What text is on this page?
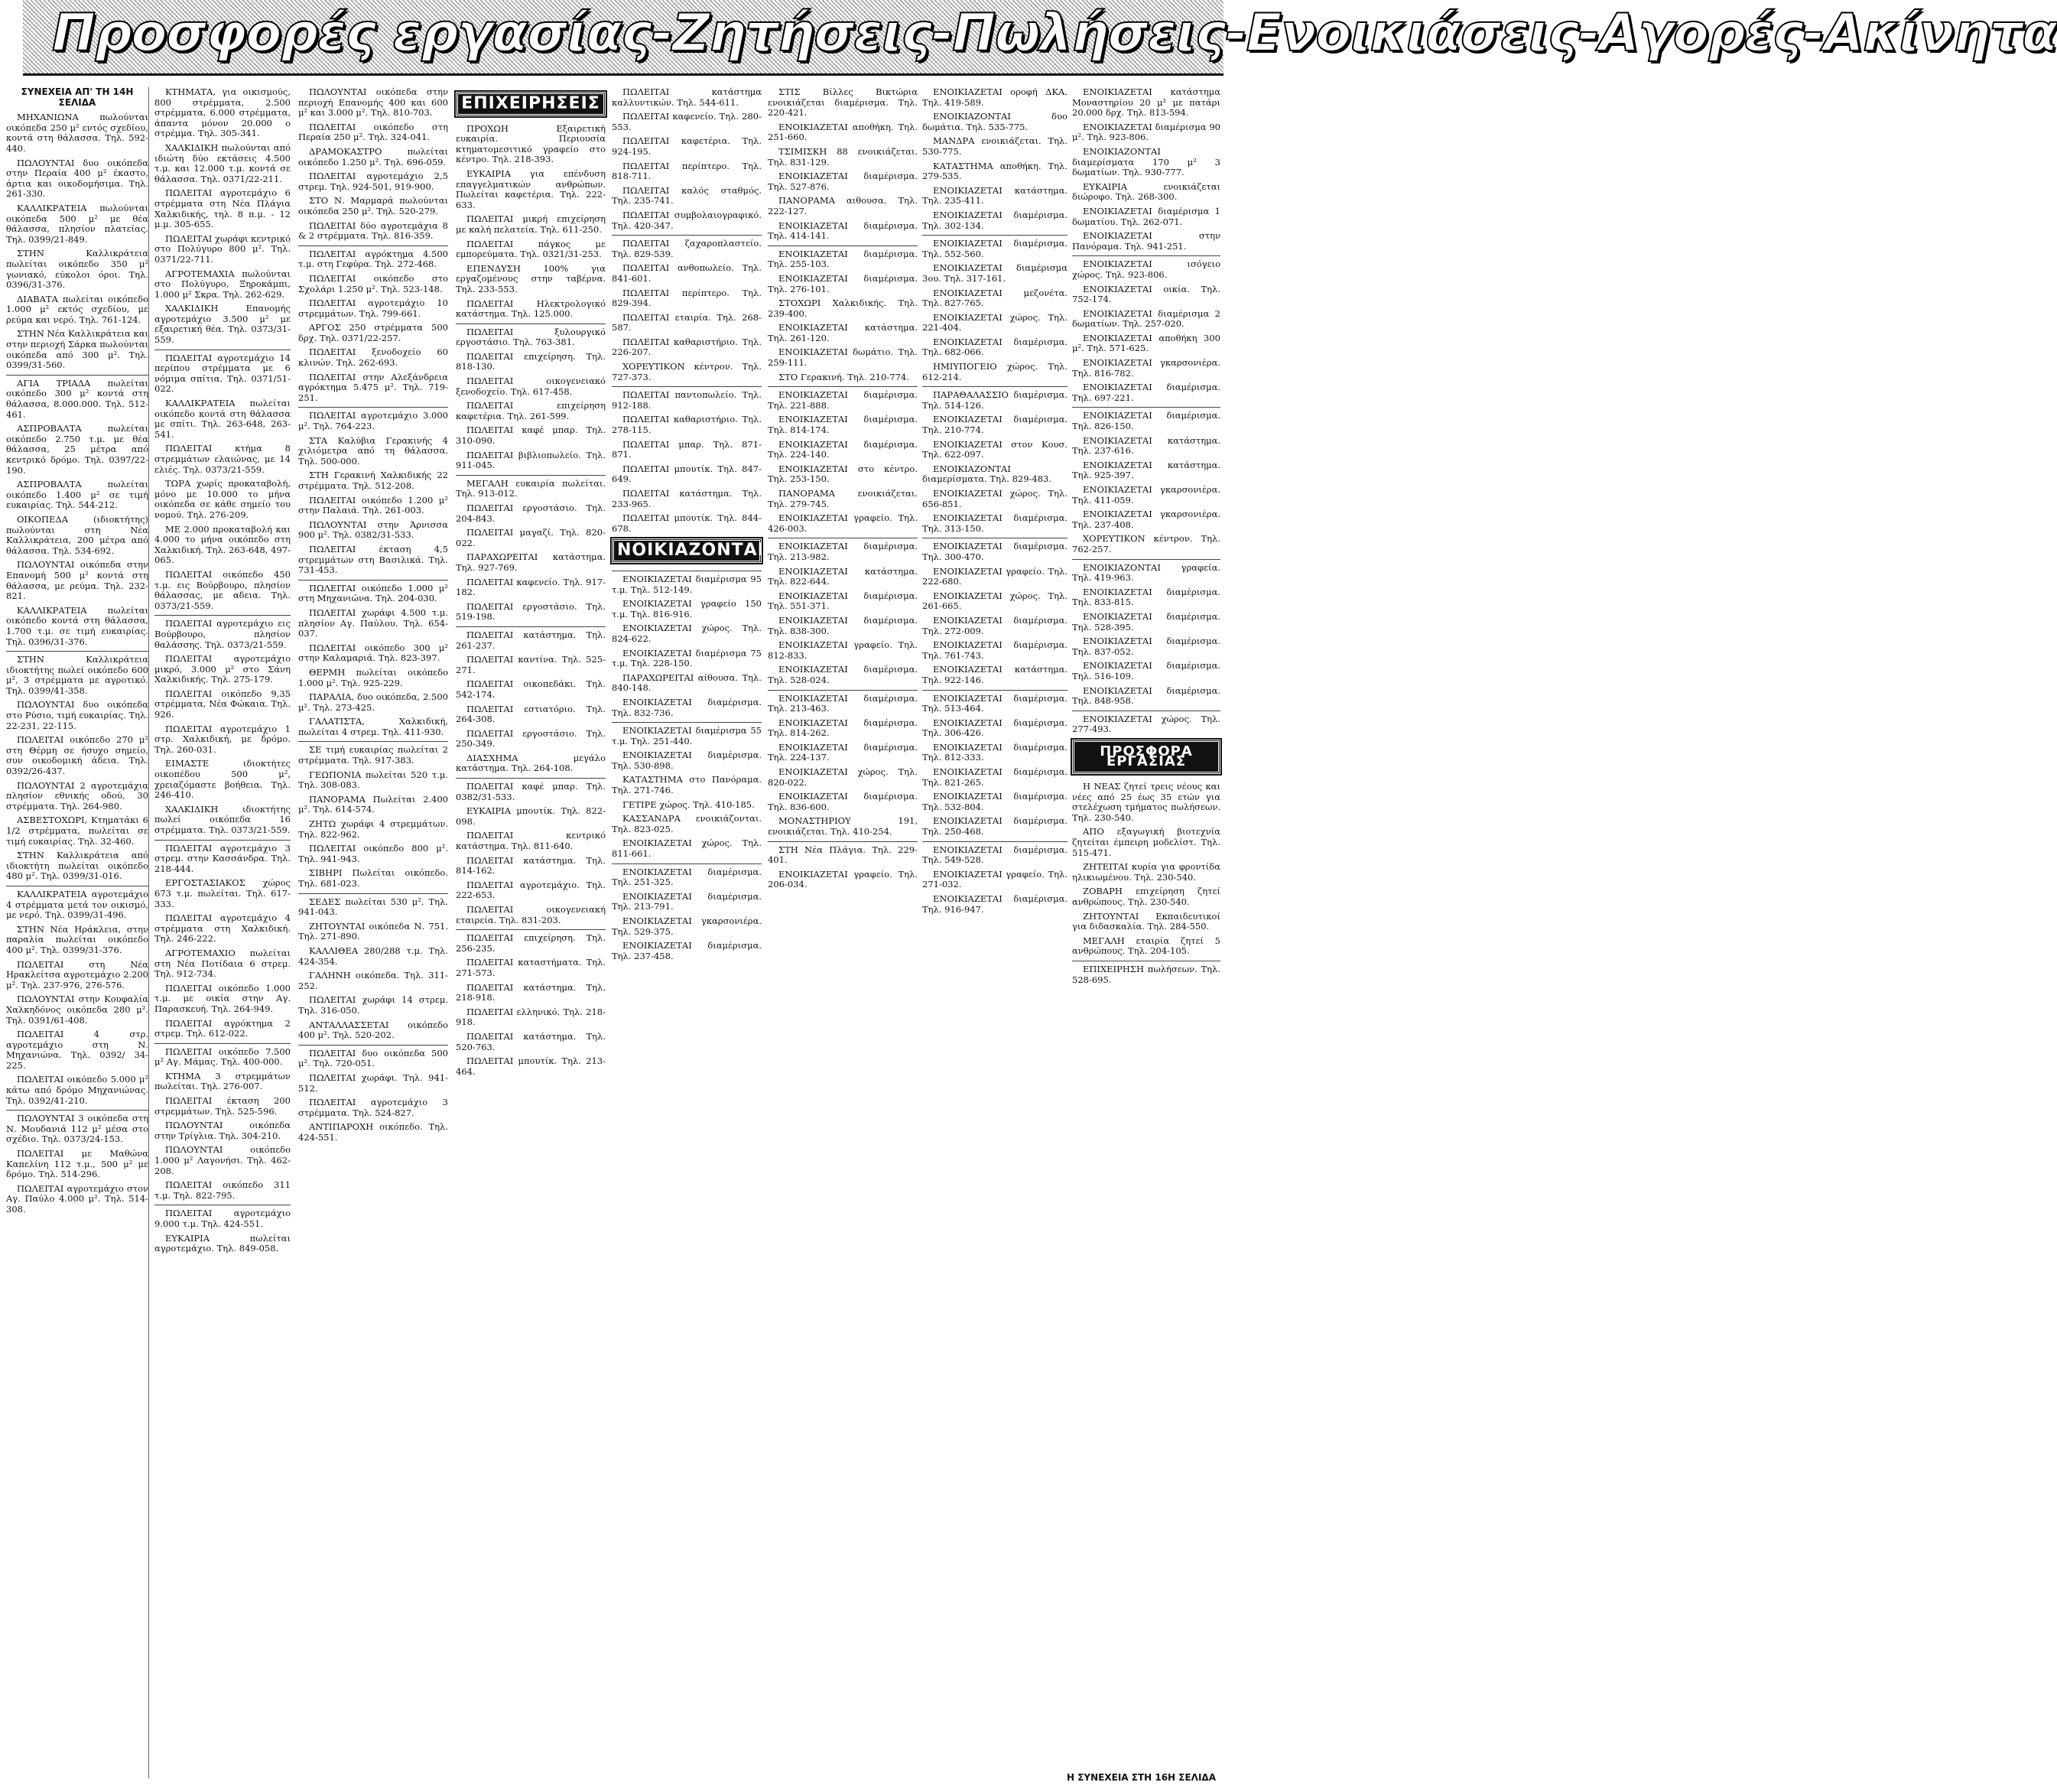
Προσφορές εργασίας-Ζητήσεις-Πωλήσεις-Ενοικιάσεις-Αγορές-Ακίνητα
ΣΥΝΕΧΕΙΑ ΑΠ' ΤΗ 14Η ΣΕΛΙΔΑ

ΜΗΧΑΝΙΩΝΑ πωλούνται οικόπεδα 250 μ² εντός σχεδίου, κοντά στη θάλασσα. Τηλ. 592-440.

ΠΩΛΟΥΝΤΑΙ δυο οικόπεδα στην Περαία 400 μ² έκαστο, άρτια και οικοδομήσιμα. Τηλ. 261-330.

ΚΑΛΛΙΚΡΑΤΕΙΑ πωλούνται οικόπεδα 500 μ² με θέα θάλασσα, πλησίον πλατείας. Τηλ. 0399/21-849.

ΣΤΗΝ Καλλικράτεια πωλείται οικόπεδο 350 μ² γωνιακό, εύκολοι όροι. Τηλ. 0396/31-376.

ΔΙΑΒΑΤΑ πωλείται οικόπεδο 1.000 μ² εκτός σχεδίου, με ρεύμα και νερό. Τηλ. 761-124.

ΣΤΗΝ Νέα Καλλικράτεια και στην περιοχή Σάρκα πωλούνται οικόπεδα από 300 μ². Τηλ. 0399/31-560.

ΑΓΙΑ ΤΡΙΑΔΑ πωλείται οικόπεδο 300 μ² κοντά στη θάλασσα, 8.000.000. Τηλ. 512-461.

ΑΣΠΡΟΒΑΛΤΑ πωλείται οικόπεδο 2.750 τ.μ. με θέα θάλασσα, 25 μέτρα από κεντρικό δρόμο. Τηλ. 0397/22-190.

ΑΣΠΡΟΒΑΛΤΑ πωλείται οικόπεδο 1.400 μ² σε τιμή ευκαιρίας. Τηλ. 544-212.

ΟΙΚΟΠΕΔΑ (ιδιοκτήτης) πωλούνται στη Νέα Καλλικράτεια, 200 μέτρα από θάλασσα. Τηλ. 534-692.

ΠΩΛΟΥΝΤΑΙ οικόπεδα στην Επανομή 500 μ² κοντά στη θάλασσα, με ρεύμα. Τηλ. 232-821.

ΚΑΛΛΙΚΡΑΤΕΙΑ πωλείται οικόπεδο κοντά στη θάλασσα, 1.700 τ.μ. σε τιμή ευκαιρίας. Τηλ. 0396/31-376.

ΣΤΗΝ Καλλικράτεια ιδιοκτήτης πωλεί οικόπεδο 600 μ², 3 στρέμματα με αγροτικό. Τηλ. 0399/41-358.

ΠΩΛΟΥΝΤΑΙ δυο οικόπεδα στο Ρύσιο, τιμή ευκαιρίας. Τηλ. 22-231, 22-115.

ΠΩΛΕΙΤΑΙ οικόπεδο 270 μ² στη Θέρμη σε ήσυχο σημείο, συν οικοδομική άδεια. Τηλ. 0392/26-437.

ΠΩΛΟΥΝΤΑΙ 2 αγροτεμάχια πλησίον εθνικής οδού, 30 στρέμματα. Τηλ. 264-980.

ΑΣΒΕΣΤΟΧΩΡΙ, Κτηματάκι 6 1/2 στρέμματα, πωλείται σε τιμή ευκαιρίας. Τηλ. 32-460.

ΣΤΗΝ Καλλικράτεια από ιδιοκτήτη πωλείται οικόπεδο 480 μ². Τηλ. 0399/31-016.

ΚΑΛΛΙΚΡΑΤΕΙΑ αγροτεμάχιο 4 στρέμματα μετά τον οικισμό, με νερό. Τηλ. 0399/31-496.

ΣΤΗΝ Νέα Ηράκλεια, στην παραλία πωλείται οικόπεδο 400 μ². Τηλ. 0399/31-376.

ΠΩΛΕΙΤΑΙ στη Νέα Ηρακλείτσα αγροτεμάχιο 2.200 μ². Τηλ. 237-976, 276-576.

ΠΩΛΟΥΝΤΑΙ στην Κουφαλία Χαλκηδόνος οικόπεδα 280 μ². Τηλ. 0391/61-408.

ΠΩΛΕΙΤΑΙ 4 στρ. αγροτεμάχιο στη Ν. Μηχανιώνα. Τηλ. 0392/ 34-225.

ΠΩΛΕΙΤΑΙ οικόπεδο 5.000 μ² κάτω από δρόμο Μηχανιώνας. Τηλ. 0392/41-210.

ΠΩΛΟΥΝΤΑΙ 3 οικόπεδα στη Ν. Μουδανιά 112 μ² μέσα στο σχέδιο. Τηλ. 0373/24-153.

ΠΩΛΕΙΤΑΙ με Μαθώνα Καπελίνη 112 τ.μ., 500 μ² με δρόμο. Τηλ. 514-296.

ΠΩΛΕΙΤΑΙ αγροτεμάχιο στον Αγ. Παύλο 4.000 μ². Τηλ. 514-308.

ΚΤΗΜΑΤΑ, για οικισμούς, 800 στρέμματα, 2.500 στρέμματα, 6.000 στρέμματα, άπαντα μόνον 20.000 ο στρέμμα. Τηλ. 305-341.

ΧΑΛΚΙΔΙΚΗ πωλούνται από ιδιώτη δύο εκτάσεις 4.500 τ.μ. και 12.000 τ.μ. κοντά σε θάλασσα. Τηλ. 0371/22-211.

ΠΩΛΕΙΤΑΙ αγροτεμάχιο 6 στρέμματα στη Νέα Πλάγια Χαλκιδικής, τηλ. 8 π.μ. - 12 μ.μ. 305-655.

ΠΩΛΕΙΤΑΙ χωράφι κεντρικό στο Πολύγυρο 800 μ². Τηλ. 0371/22-711.

ΑΓΡΟΤΕΜΑΧΙΑ πωλούνται στο Πολύγυρο, Ξηροκάμπι, 1.000 μ² Σκρα. Τηλ. 262-629.

ΧΑΛΚΙΔΙΚΗ Επανομής αγροτεμάχιο 3.500 μ² με εξαιρετική θέα. Τηλ. 0373/31-559.

ΠΩΛΕΙΤΑΙ αγροτεμάχιο 14 περίπου στρέμματα με 6 νόμιμα σπίτια. Τηλ. 0371/51-022.

ΚΑΛΛΙΚΡΑΤΕΙΑ πωλείται οικόπεδο κοντά στη θάλασσα με σπίτι. Τηλ. 263-648, 263-541.

ΠΩΛΕΙΤΑΙ κτήμα 8 στρεμμάτων ελαιώνας, με 14 ελιές. Τηλ. 0373/21-559.

ΤΩΡΑ χωρίς προκαταβολή, μόνο με 10.000 το μήνα οικόπεδα σε κάθε σημείο του νομού. Τηλ. 276-209.

ΜΕ 2.000 προκαταβολή και 4.000 το μήνα οικόπεδο στη Χαλκιδική. Τηλ. 263-648, 497-065.

ΠΩΛΕΙΤΑΙ οικόπεδο 450 τ.μ. εις Βούρβουρο, πλησίον θάλασσας, με αδεια. Τηλ. 0373/21-559.

ΠΩΛΕΙΤΑΙ αγροτεμάχιο εις Βούρβουρο, πλησίον θαλάσσης. Τηλ. 0373/21-559.

ΠΩΛΕΙΤΑΙ αγροτεμάχιο μικρό, 3.000 μ² στο Σάνη Χαλκιδικής. Τηλ. 275-179.

ΠΩΛΕΙΤΑΙ οικόπεδο 9,35 στρέμματα, Νέα Φώκαια. Τηλ. 926.

ΠΩΛΕΙΤΑΙ αγροτεμάχιο 1 στρ. Χαλκιδική, με δρόμο. Τηλ. 260-031.

ΕΙΜΑΣΤΕ ιδιοκτήτες οικοπέδου 500 μ², χρειαζόμαστε βοήθεια. Τηλ. 246-410.

ΧΑΛΚΙΔΙΚΗ ιδιοκτήτης πωλεί οικόπεδα 16 στρέμματα. Τηλ. 0373/21-559.

ΠΩΛΕΙΤΑΙ αγροτεμάχιο 3 στρεμ. στην Κασσάνδρα. Τηλ. 218-444.

ΕΡΓΟΣΤΑΣΙΑΚΟΣ χώρος 673 τ.μ. πωλείται. Τηλ. 617-333.

ΠΩΛΕΙΤΑΙ αγροτεμάχιο 4 στρέμματα στη Χαλκιδική. Τηλ. 246-222.

ΑΓΡΟΤΕΜΑΧΙΟ πωλείται στη Νέα Ποτίδαια 6 στρεμ. Τηλ. 912-734.

ΠΩΛΕΙΤΑΙ οικόπεδο 1.000 τ.μ. με οικία στην Αγ. Παρασκευή. Τηλ. 264-949.

ΠΩΛΕΙΤΑΙ αγρόκτημα 2 στρεμ. Τηλ. 612-022.

ΠΩΛΕΙΤΑΙ οικόπεδο 7.500 μ² Αγ. Μάμας. Τηλ. 400-000.

ΚΤΗΜΑ 3 στρεμμάτων πωλείται. Τηλ. 276-007.

ΠΩΛΕΙΤΑΙ έκταση 200 στρεμμάτων. Τηλ. 525-596.

ΠΩΛΟΥΝΤΑΙ οικόπεδα στην Τρίγλια. Τηλ. 304-210.

ΠΩΛΟΥΝΤΑΙ οικόπεδο 1.000 μ² Λαγονήσι. Τηλ. 462-208.

ΠΩΛΕΙΤΑΙ οικόπεδο 311 τ.μ. Τηλ. 822-795.

ΠΩΛΕΙΤΑΙ αγροτεμάχιο 9.000 τ.μ. Τηλ. 424-551.

ΕΥΚΑΙΡΙΑ πωλείται αγροτεμάχιο. Τηλ. 849-058.

ΠΩΛΟΥΝΤΑΙ οικόπεδα στην περιοχή Επανομής 400 και 600 μ² και 3.000 μ². Τηλ. 810-703.

ΠΩΛΕΙΤΑΙ οικόπεδο στη Περαία 250 μ². Τηλ. 324-041.

ΔΡΑΜΟΚΑΣΤΡΟ πωλείται οικόπεδο 1.250 μ². Τηλ. 696-059.

ΠΩΛΕΙΤΑΙ αγροτεμάχιο 2,5 στρεμ. Τηλ. 924-501, 919-900.

ΣΤΟ Ν. Μαρμαρά πωλούνται οικόπεδα 250 μ². Τηλ. 520-279.

ΠΩΛΕΙΤΑΙ δύο αγροτεμάχια 8 & 2 στρέμματα. Τηλ. 816-359.

ΠΩΛΕΙΤΑΙ αγρόκτημα 4.500 τ.μ. στη Γεφύρα. Τηλ. 272-468.

ΠΩΛΕΙΤΑΙ οικόπεδο στο Σχολάρι 1.250 μ². Τηλ. 523-148.

ΠΩΛΕΙΤΑΙ αγροτεμάχιο 10 στρεμμάτων. Τηλ. 799-661.

ΑΡΓΟΣ 250 στρέμματα 500 δρχ. Τηλ. 0371/22-257.

ΠΩΛΕΙΤΑΙ ξενοδοχείο 60 κλινών. Τηλ. 262-693.

ΠΩΛΕΙΤΑΙ στην Αλεξάνδρεια αγρόκτημα 5.475 μ². Τηλ. 719-251.

ΠΩΛΕΙΤΑΙ αγροτεμάχιο 3.000 μ². Τηλ. 764-223.

ΣΤΑ Καλύβια Γερακινής 4 χιλιόμετρα από τη θάλασσα. Τηλ. 500-000.

ΣΤΗ Γερακινή Χαλκιδικής 22 στρέμματα. Τηλ. 512-208.

ΠΩΛΕΙΤΑΙ οικόπεδο 1.200 μ² στην Παλαιά. Τηλ. 261-003.

ΠΩΛΟΥΝΤΑΙ στην Άρνισσα 900 μ². Τηλ. 0382/31-533.

ΠΩΛΕΙΤΑΙ έκταση 4,5 στρεμμάτων στη Βασιλικά. Τηλ. 731-453.

ΠΩΛΕΙΤΑΙ οικόπεδο 1.000 μ² στη Μηχανιώνα. Τηλ. 204-030.

ΠΩΛΕΙΤΑΙ χωράφι 4.500 τ.μ. πλησίον Αγ. Παύλου. Τηλ. 654-037.

ΠΩΛΕΙΤΑΙ οικόπεδο 300 μ² στην Καλαμαριά. Τηλ. 823-397.

ΘΕΡΜΗ πωλείται οικόπεδο 1.000 μ². Τηλ. 925-229.

ΠΑΡΑΛΙΑ, δυο οικόπεδα, 2.500 μ². Τηλ. 273-425.

ΓΑΛΑΤΙΣΤΑ, Χαλκιδική, πωλείται 4 στρεμ. Τηλ. 411-930.

ΣΕ τιμή ευκαιρίας πωλείται 2 στρέμματα. Τηλ. 917-383.

ΓΕΩΠΟΝΙΑ πωλείται 520 τ.μ. Τηλ. 308-083.

ΠΑΝΟΡΑΜΑ Πωλείται 2.400 μ². Τηλ. 614-574.

ΖΗΤΩ χωράφι 4 στρεμμάτων. Τηλ. 822-962.

ΠΩΛΕΙΤΑΙ οικόπεδο 800 μ². Τηλ. 941-943.

ΣΙΒΗΡΙ Πωλείται οικόπεδο. Τηλ. 681-023.

ΣΕΔΕΣ πωλείται 530 μ². Τηλ. 941-043.

ΖΗΤΟΥΝΤΑΙ οικόπεδα Ν. 751. Τηλ. 271-890.

ΚΑΛΛΙΘΕΑ 280/288 τ.μ. Τηλ. 424-354.

ΓΑΛΗΝΗ οικόπεδα. Τηλ. 311-252.

ΠΩΛΕΙΤΑΙ χωράφι 14 στρεμ. Τηλ. 316-050.

ΑΝΤΑΛΛΑΣΣΕΤΑΙ οικόπεδο 400 μ². Τηλ. 520-202.

ΠΩΛΕΙΤΑΙ δυο οικόπεδα 500 μ². Τηλ. 720-051.

ΠΩΛΕΙΤΑΙ χωράφι. Τηλ. 941-512.

ΠΩΛΕΙΤΑΙ αγροτεμάχιο 3 στρέμματα. Τηλ. 524-827.

ΑΝΤΙΠΑΡΟΧΗ οικόπεδο. Τηλ. 424-551.

ΕΠΙΧΕΙΡΗΣΕΙΣ

ΠΡΟΧΩΗ Εξαιρετική ευκαιρία. Περιουσία κτηματομεσιτικό γραφείο στο κέντρο. Τηλ. 218-393.

ΕΥΚΑΙΡΙΑ για επένδυση επαγγελματικών ανθρώπων. Πωλείται καφετέρια. Τηλ. 222-633.

ΠΩΛΕΙΤΑΙ μικρή επιχείρηση με καλή πελατεία. Τηλ. 611-250.

ΠΩΛΕΙΤΑΙ πάγκος με εμπορεύματα. Τηλ. 0321/31-253.

ΕΠΕΝΔΥΣΗ 100% για εργαζομένους στην ταβέρνα. Τηλ. 233-553.

ΠΩΛΕΙΤΑΙ Ηλεκτρολογικό κατάστημα. Τηλ. 125.000.

ΠΩΛΕΙΤΑΙ ξυλουργικό εργοστάσιο. Τηλ. 763-381.

ΠΩΛΕΙΤΑΙ επιχείρηση. Τηλ. 818-130.

ΠΩΛΕΙΤΑΙ οικογενειακό ξενοδοχείο. Τηλ. 617-458.

ΠΩΛΕΙΤΑΙ επιχείρηση καφετέρια. Τηλ. 261-599.

ΠΩΛΕΙΤΑΙ καφέ μπαρ. Τηλ. 310-090.

ΠΩΛΕΙΤΑΙ βιβλιοπωλείο. Τηλ. 911-045.

ΜΕΓΑΛΗ ευκαιρία πωλείται. Τηλ. 913-012.

ΠΩΛΕΙΤΑΙ εργοστάσιο. Τηλ. 204-843.

ΠΩΛΕΙΤΑΙ μαγαζί. Τηλ. 820-022.

ΠΑΡΑΧΩΡΕΙΤΑΙ κατάστημα. Τηλ. 927-769.

ΠΩΛΕΙΤΑΙ καφενείο. Τηλ. 917-182.

ΠΩΛΕΙΤΑΙ εργοστάσιο. Τηλ. 519-198.

ΠΩΛΕΙΤΑΙ κατάστημα. Τηλ. 261-237.

ΠΩΛΕΙΤΑΙ καντίνα. Τηλ. 525-271.

ΠΩΛΕΙΤΑΙ οικοπεδάκι. Τηλ. 542-174.

ΠΩΛΕΙΤΑΙ εστιατόριο. Τηλ. 264-308.

ΠΩΛΕΙΤΑΙ εργοστάσιο. Τηλ. 250-349.

ΔΙΑΣΧΗΜΑ μεγάλο κατάστημα. Τηλ. 264-108.

ΠΩΛΕΙΤΑΙ καφέ μπαρ. Τηλ. 0382/31-533.

ΕΥΚΑΙΡΙΑ μπουτίκ. Τηλ. 822-098.

ΠΩΛΕΙΤΑΙ κεντρικό κατάστημα. Τηλ. 811-640.

ΠΩΛΕΙΤΑΙ κατάστημα. Τηλ. 814-162.

ΠΩΛΕΙΤΑΙ αγροτεμάχιο. Τηλ. 222-653.

ΠΩΛΕΙΤΑΙ οικογενειακή εταιρεία. Τηλ. 831-203.

ΠΩΛΕΙΤΑΙ επιχείρηση. Τηλ. 256-235.

ΠΩΛΕΙΤΑΙ καταστήματα. Τηλ. 271-573.

ΠΩΛΕΙΤΑΙ κατάστημα. Τηλ. 218-918.

ΠΩΛΕΙΤΑΙ ελληνικό. Τηλ. 218-918.

ΠΩΛΕΙΤΑΙ κατάστημα. Τηλ. 520-763.

ΠΩΛΕΙΤΑΙ μπουτίκ. Τηλ. 213-464.

ΠΩΛΕΙΤΑΙ κατάστημα καλλυντικών. Τηλ. 544-611.

ΠΩΛΕΙΤΑΙ καφενείο. Τηλ. 280-553.

ΠΩΛΕΙΤΑΙ καφετέρια. Τηλ. 924-195.

ΠΩΛΕΙΤΑΙ περίπτερο. Τηλ. 818-711.

ΠΩΛΕΙΤΑΙ καλός σταθμός. Τηλ. 235-741.

ΠΩΛΕΙΤΑΙ συμβολαιογραφικό. Τηλ. 420-347.

ΠΩΛΕΙΤΑΙ ζαχαροπλαστείο. Τηλ. 829-539.

ΠΩΛΕΙΤΑΙ ανθοπωλείο. Τηλ. 841-601.

ΠΩΛΕΙΤΑΙ περίπτερο. Τηλ. 829-394.

ΠΩΛΕΙΤΑΙ εταιρία. Τηλ. 268-587.

ΠΩΛΕΙΤΑΙ καθαριστήριο. Τηλ. 226-207.

ΧΟΡΕΥΤΙΚΟΝ κέντρον. Τηλ. 727-373.

ΠΩΛΕΙΤΑΙ παντοπωλείο. Τηλ. 912-188.

ΠΩΛΕΙΤΑΙ καθαριστήριο. Τηλ. 278-115.

ΠΩΛΕΙΤΑΙ μπαρ. Τηλ. 871-871.

ΠΩΛΕΙΤΑΙ μπουτίκ. Τηλ. 847-649.

ΠΩΛΕΙΤΑΙ κατάστημα. Τηλ. 233-965.

ΠΩΛΕΙΤΑΙ μπουτίκ. Τηλ. 844-678.

ΝΟΙΚΙΑΖΟΝΤΑΙ

ΕΝΟΙΚΙΑΖΕΤΑΙ διαμέρισμα 95 τ.μ. Τηλ. 512-149.

ΕΝΟΙΚΙΑΖΕΤΑΙ γραφείο 150 τ.μ. Τηλ. 816-916.

ΕΝΟΙΚΙΑΖΕΤΑΙ χώρος. Τηλ. 824-622.

ΕΝΟΙΚΙΑΖΕΤΑΙ διαμέρισμα 75 τ.μ. Τηλ. 228-150.

ΠΑΡΑΧΩΡΕΙΤΑΙ αίθουσα. Τηλ. 840-148.

ΕΝΟΙΚΙΑΖΕΤΑΙ διαμέρισμα. Τηλ. 832-736.

ΕΝΟΙΚΙΑΖΕΤΑΙ διαμέρισμα 55 τ.μ. Τηλ. 251-440.

ΕΝΟΙΚΙΑΖΕΤΑΙ διαμέρισμα. Τηλ. 530-898.

ΚΑΤΑΣΤΗΜΑ στο Πανόραμα. Τηλ. 271-746.

ΓΕΤΙΡΕ χώρος. Τηλ. 410-185.

ΚΑΣΣΑΝΔΡΑ ενοικιάζονται. Τηλ. 823-025.

ΕΝΟΙΚΙΑΖΕΤΑΙ χώρος. Τηλ. 811-661.

ΕΝΟΙΚΙΑΖΕΤΑΙ διαμέρισμα. Τηλ. 251-325.

ΕΝΟΙΚΙΑΖΕΤΑΙ διαμέρισμα. Τηλ. 213-791.

ΕΝΟΙΚΙΑΖΕΤΑΙ γκαρσονιέρα. Τηλ. 529-375.

ΕΝΟΙΚΙΑΖΕΤΑΙ διαμέρισμα. Τηλ. 237-458.

ΣΤΙΣ Βίλλες Βικτώρια ενοικιάζεται διαμέρισμα. Τηλ. 220-421.

ΕΝΟΙΚΙΑΖΕΤΑΙ αποθήκη. Τηλ. 251-660.

ΤΣΙΜΙΣΚΗ 88 ενοικιάζεται. Τηλ. 831-129.

ΕΝΟΙΚΙΑΖΕΤΑΙ διαμέρισμα. Τηλ. 527-876.

ΠΑΝΟΡΑΜΑ αιθουσα. Τηλ. 222-127.

ΕΝΟΙΚΙΑΖΕΤΑΙ διαμέρισμα. Τηλ. 414-141.

ΕΝΟΙΚΙΑΖΕΤΑΙ διαμέρισμα. Τηλ. 255-103.

ΕΝΟΙΚΙΑΖΕΤΑΙ διαμέρισμα. Τηλ. 276-101.

ΣΤΟΧΩΡΙ Χαλκιδικής. Τηλ. 239-400.

ΕΝΟΙΚΙΑΖΕΤΑΙ κατάστημα. Τηλ. 261-120.

ΕΝΟΙΚΙΑΖΕΤΑΙ δωμάτιο. Τηλ. 259-111.

ΣΤΟ Γερακινή. Τηλ. 210-774.

ΕΝΟΙΚΙΑΖΕΤΑΙ διαμέρισμα. Τηλ. 221-888.

ΕΝΟΙΚΙΑΖΕΤΑΙ διαμέρισμα. Τηλ. 814-174.

ΕΝΟΙΚΙΑΖΕΤΑΙ διαμέρισμα. Τηλ. 224-140.

ΕΝΟΙΚΙΑΖΕΤΑΙ στο κέντρο. Τηλ. 253-150.

ΠΑΝΟΡΑΜΑ ενοικιάζεται. Τηλ. 279-745.

ΕΝΟΙΚΙΑΖΕΤΑΙ γραφείο. Τηλ. 426-003.

ΕΝΟΙΚΙΑΖΕΤΑΙ διαμέρισμα. Τηλ. 213-982.

ΕΝΟΙΚΙΑΖΕΤΑΙ κατάστημα. Τηλ. 822-644.

ΕΝΟΙΚΙΑΖΕΤΑΙ διαμέρισμα. Τηλ. 551-371.

ΕΝΟΙΚΙΑΖΕΤΑΙ διαμέρισμα. Τηλ. 838-300.

ΕΝΟΙΚΙΑΖΕΤΑΙ γραφείο. Τηλ. 812-833.

ΕΝΟΙΚΙΑΖΕΤΑΙ διαμέρισμα. Τηλ. 528-024.

ΕΝΟΙΚΙΑΖΕΤΑΙ διαμέρισμα. Τηλ. 213-463.

ΕΝΟΙΚΙΑΖΕΤΑΙ διαμέρισμα. Τηλ. 814-262.

ΕΝΟΙΚΙΑΖΕΤΑΙ διαμέρισμα. Τηλ. 224-137.

ΕΝΟΙΚΙΑΖΕΤΑΙ χώρος. Τηλ. 820-022.

ΕΝΟΙΚΙΑΖΕΤΑΙ διαμέρισμα. Τηλ. 836-600.

ΜΟΝΑΣΤΗΡΙΟΥ 191, ενοικιάζεται. Τηλ. 410-254.

ΣΤΗ Νέα Πλάγια. Τηλ. 229-401.

ΕΝΟΙΚΙΑΖΕΤΑΙ γραφείο. Τηλ. 206-034.

ΕΝΟΙΚΙΑΖΕΤΑΙ οροφή ΔΚΑ. Τηλ. 419-589.

ΕΝΟΙΚΙΑΖΟΝΤΑΙ δυο δωμάτια. Τηλ. 535-775.

ΜΑΝΔΡΑ ενοικιάζεται. Τηλ. 530-775.

ΚΑΤΑΣΤΗΜΑ αποθήκη. Τηλ. 279-535.

ΕΝΟΙΚΙΑΖΕΤΑΙ κατάστημα. Τηλ. 235-411.

ΕΝΟΙΚΙΑΖΕΤΑΙ διαμέρισμα. Τηλ. 302-134.

ΕΝΟΙΚΙΑΖΕΤΑΙ διαμέρισμα. Τηλ. 552-560.

ΕΝΟΙΚΙΑΖΕΤΑΙ διαμέρισμα 3ου. Τηλ. 317-161.

ΕΝΟΙΚΙΑΖΕΤΑΙ μεζονέτα. Τηλ. 827-765.

ΕΝΟΙΚΙΑΖΕΤΑΙ χώρος. Τηλ. 221-404.

ΕΝΟΙΚΙΑΖΕΤΑΙ διαμέρισμα. Τηλ. 682-066.

ΗΜΙΥΠΟΓΕΙΟ χώρος. Τηλ. 612-214.

ΠΑΡΑΘΑΛΑΣΣΙΟ διαμέρισμα. Τηλ. 514-126.

ΕΝΟΙΚΙΑΖΕΤΑΙ διαμέρισμα. Τηλ. 210-774.

ΕΝΟΙΚΙΑΖΕΤΑΙ στον Κουσ. Τηλ. 622-097.

ΕΝΟΙΚΙΑΖΟΝΤΑΙ διαμερίσματα. Τηλ. 829-483.

ΕΝΟΙΚΙΑΖΕΤΑΙ χώρος. Τηλ. 656-851.

ΕΝΟΙΚΙΑΖΕΤΑΙ διαμέρισμα. Τηλ. 313-150.

ΕΝΟΙΚΙΑΖΕΤΑΙ διαμέρισμα. Τηλ. 300-470.

ΕΝΟΙΚΙΑΖΕΤΑΙ γραφείο. Τηλ. 222-680.

ΕΝΟΙΚΙΑΖΕΤΑΙ χώρος. Τηλ. 261-665.

ΕΝΟΙΚΙΑΖΕΤΑΙ διαμέρισμα. Τηλ. 272-009.

ΕΝΟΙΚΙΑΖΕΤΑΙ διαμέρισμα. Τηλ. 761-743.

ΕΝΟΙΚΙΑΖΕΤΑΙ κατάστημα. Τηλ. 922-146.

ΕΝΟΙΚΙΑΖΕΤΑΙ διαμέρισμα. Τηλ. 513-464.

ΕΝΟΙΚΙΑΖΕΤΑΙ διαμέρισμα. Τηλ. 306-426.

ΕΝΟΙΚΙΑΖΕΤΑΙ διαμέρισμα. Τηλ. 812-333.

ΕΝΟΙΚΙΑΖΕΤΑΙ διαμέρισμα. Τηλ. 821-265.

ΕΝΟΙΚΙΑΖΕΤΑΙ διαμέρισμα. Τηλ. 532-804.

ΕΝΟΙΚΙΑΖΕΤΑΙ διαμέρισμα. Τηλ. 250-468.

ΕΝΟΙΚΙΑΖΕΤΑΙ διαμέρισμα. Τηλ. 549-528.

ΕΝΟΙΚΙΑΖΕΤΑΙ γραφείο. Τηλ. 271-032.

ΕΝΟΙΚΙΑΖΕΤΑΙ διαμέρισμα. Τηλ. 916-947.

ΕΝΟΙΚΙΑΖΕΤΑΙ κατάστημα Μοναστηρίου 20 μ² με πατάρι 20.000 δρχ. Τηλ. 813-594.

ΕΝΟΙΚΙΑΖΕΤΑΙ διαμέρισμα 90 μ². Τηλ. 923-806.

ΕΝΟΙΚΙΑΖΟΝΤΑΙ διαμερίσματα 170 μ² 3 δωματίων. Τηλ. 930-777.

ΕΥΚΑΙΡΙΑ ενοικιάζεται διώροφο. Τηλ. 268-300.

ΕΝΟΙΚΙΑΖΕΤΑΙ διαμέρισμα 1 δωματίου. Τηλ. 262-071.

ΕΝΟΙΚΙΑΖΕΤΑΙ στην Πανόραμα. Τηλ. 941-251.

ΕΝΟΙΚΙΑΖΕΤΑΙ ισόγειο χώρος. Τηλ. 923-806.

ΕΝΟΙΚΙΑΖΕΤΑΙ οικία. Τηλ. 752-174.

ΕΝΟΙΚΙΑΖΕΤΑΙ διαμέρισμα 2 δωματίων. Τηλ. 257-020.

ΕΝΟΙΚΙΑΖΕΤΑΙ αποθήκη 300 μ². Τηλ. 571-625.

ΕΝΟΙΚΙΑΖΕΤΑΙ γκαρσονιέρα. Τηλ. 816-782.

ΕΝΟΙΚΙΑΖΕΤΑΙ διαμέρισμα. Τηλ. 697-221.

ΕΝΟΙΚΙΑΖΕΤΑΙ διαμέρισμα. Τηλ. 826-150.

ΕΝΟΙΚΙΑΖΕΤΑΙ κατάστημα. Τηλ. 237-616.

ΕΝΟΙΚΙΑΖΕΤΑΙ κατάστημα. Τηλ. 925-397.

ΕΝΟΙΚΙΑΖΕΤΑΙ γκαρσονιέρα. Τηλ. 411-059.

ΕΝΟΙΚΙΑΖΕΤΑΙ γκαρσονιέρα. Τηλ. 237-408.

ΧΟΡΕΥΤΙΚΟΝ κέντρον. Τηλ. 762-257.

ΕΝΟΙΚΙΑΖΟΝΤΑΙ γραφεία. Τηλ. 419-963.

ΕΝΟΙΚΙΑΖΕΤΑΙ διαμέρισμα. Τηλ. 833-815.

ΕΝΟΙΚΙΑΖΕΤΑΙ διαμέρισμα. Τηλ. 528-395.

ΕΝΟΙΚΙΑΖΕΤΑΙ διαμέρισμα. Τηλ. 837-052.

ΕΝΟΙΚΙΑΖΕΤΑΙ διαμέρισμα. Τηλ. 516-109.

ΕΝΟΙΚΙΑΖΕΤΑΙ διαμέρισμα. Τηλ. 848-958.

ΕΝΟΙΚΙΑΖΕΤΑΙ χώρος. Τηλ. 277-493.

ΠΡΟΣΦΟΡΑ ΕΡΓΑΣΙΑΣ

Η ΝΕΑΣ ζητεί τρεις νέους και νέες από 25 έως 35 ετών για στελέχωση τμήματος πωλήσεων. Τηλ. 230-540.

ΑΠΟ εξαγωγική βιοτεχνία ζητείται έμπειρη μοδελίστ. Τηλ. 515-471.

ΖΗΤΕΙΤΑΙ κυρία για φροντίδα ηλικιωμένου. Τηλ. 230-540.

ΖΟΒΑΡΗ επιχείρηση ζητεί ανθρώπους. Τηλ. 230-540.

ΖΗΤΟΥΝΤΑΙ Εκπαιδευτικοί για διδασκαλία. Τηλ. 284-550.

ΜΕΓΑΛΗ εταιρία ζητεί 5 ανθρώπους. Τηλ. 204-105.

ΕΠΙΧΕΙΡΗΣΗ πωλήσεων. Τηλ. 528-695.

Η ΣΥΝΕΧΕΙΑ ΣΤΗ 16Η ΣΕΛΙΔΑ
